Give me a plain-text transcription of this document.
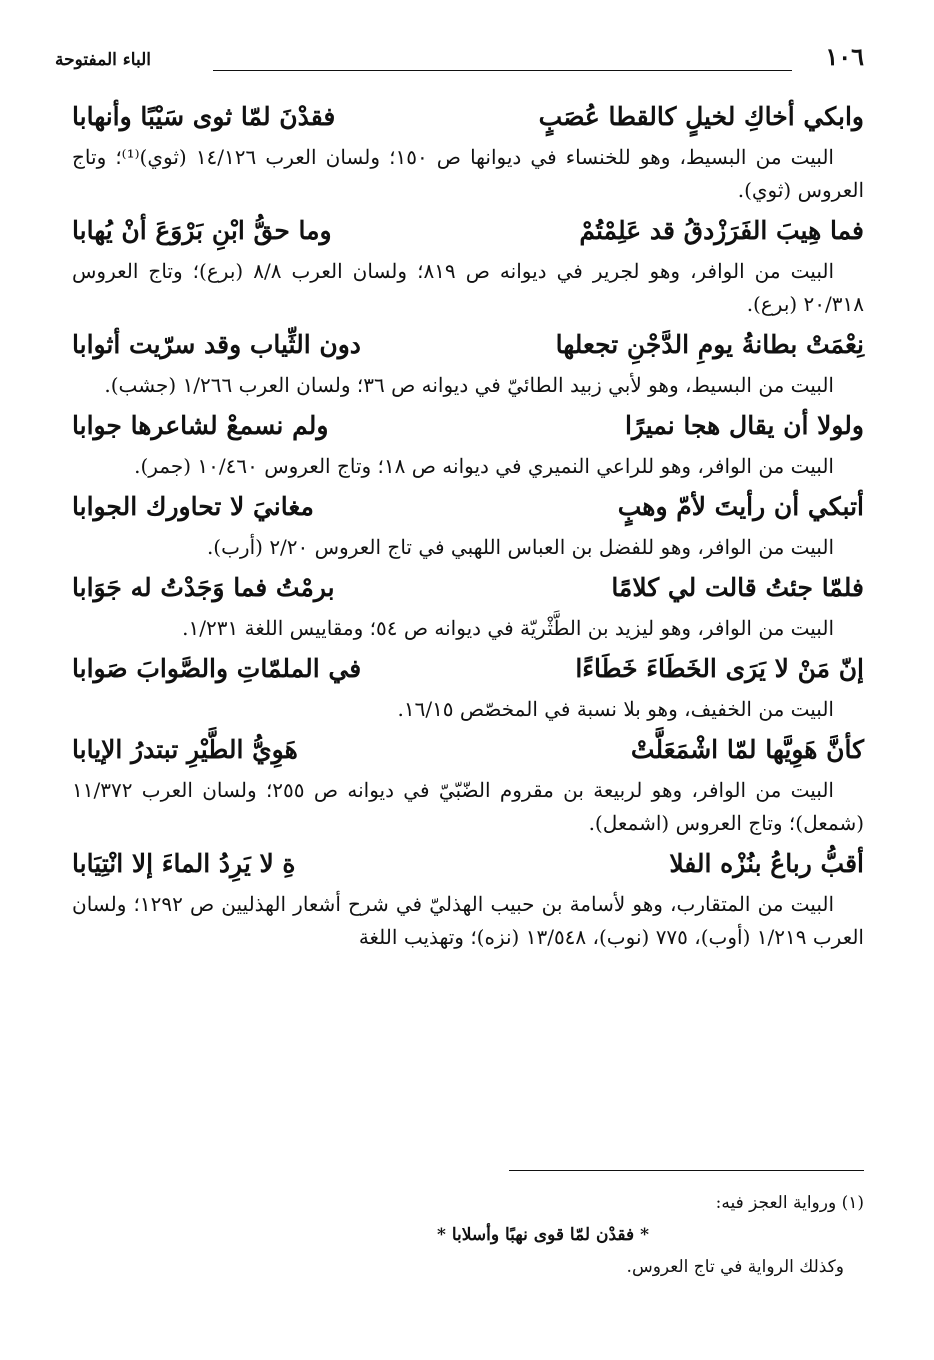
١٠٦
الباء المفتوحة
وابكي أخاكِ لخيلٍ كالقطا عُصَبٍ
فقدْنَ لمّا ثوى سَيْبًا وأنهابا
البيت من البسيط، وهو للخنساء في ديوانها ص ١٥٠؛ ولسان العرب ١٤/١٢٦ (ثوي)⁽¹⁾؛ وتاج العروس (ثوي).
فما هِيبَ الفَرَزْدقُ قد عَلِمْتُمْ
وما حقُّ ابْنِ بَرْوَعَ أنْ يُهابا
البيت من الوافر، وهو لجرير في ديوانه ص ٨١٩؛ ولسان العرب ٨/٨ (برع)؛ وتاج العروس ٢٠/٣١٨ (برع).
نِعْمَتْ بطانةُ يومِ الدَّجْنِ تجعلها
دون الثِّياب وقد سرّيت أثوابا
البيت من البسيط، وهو لأبي زبيد الطائيّ في ديوانه ص ٣٦؛ ولسان العرب ١/٢٦٦ (جشب).
ولولا أن يقال هجا نميرًا
ولم نسمعْ لشاعرها جوابا
البيت من الوافر، وهو للراعي النميري في ديوانه ص ١٨؛ وتاج العروس ١٠/٤٦٠ (جمر).
أتبكي أن رأيتَ لأمّ وهبٍ
مغانيَ لا تحاورك الجوابا
البيت من الوافر، وهو للفضل بن العباس اللهبي في تاج العروس ٢/٢٠ (أرب).
فلمّا جئتُ قالت لي كلامًا
برمْتُ فما وَجَدْتُ له جَوَابا
البيت من الوافر، وهو ليزيد بن الطَّثْريّة في ديوانه ص ٥٤؛ ومقاييس اللغة ١/٢٣١.
إنّ مَنْ لا يَرَى الخَطَاءَ خَطَاءًا
في الملمّاتِ والصَّوابَ صَوابا
البيت من الخفيف، وهو بلا نسبة في المخصّص ١٦/١٥.
كأنَّ هَوِيَّها لمّا اشْمَعَلَّتْ
هَوِيُّ الطَّيْرِ تبتدرُ الإيابا
البيت من الوافر، وهو لربيعة بن مقروم الضّبّيّ في ديوانه ص ٢٥٥؛ ولسان العرب ١١/٣٧٢ (شمعل)؛ وتاج العروس (اشمعل).
أقبُّ رباعُ بنُزْه الفلا
ةِ لا يَرِدُ الماءَ إلا انْتِيَابا
البيت من المتقارب، وهو لأسامة بن حبيب الهذليّ في شرح أشعار الهذليين ص ١٢٩٢؛ ولسان العرب ١/٢١٩ (أوب)، ٧٧٥ (نوب)، ١٣/٥٤٨ (نزه)؛ وتهذيب اللغة
(١) ورواية العجز فيه:
* فقدْن لمّا قوى نهبًا وأسلابا *
وكذلك الرواية في تاج العروس.
